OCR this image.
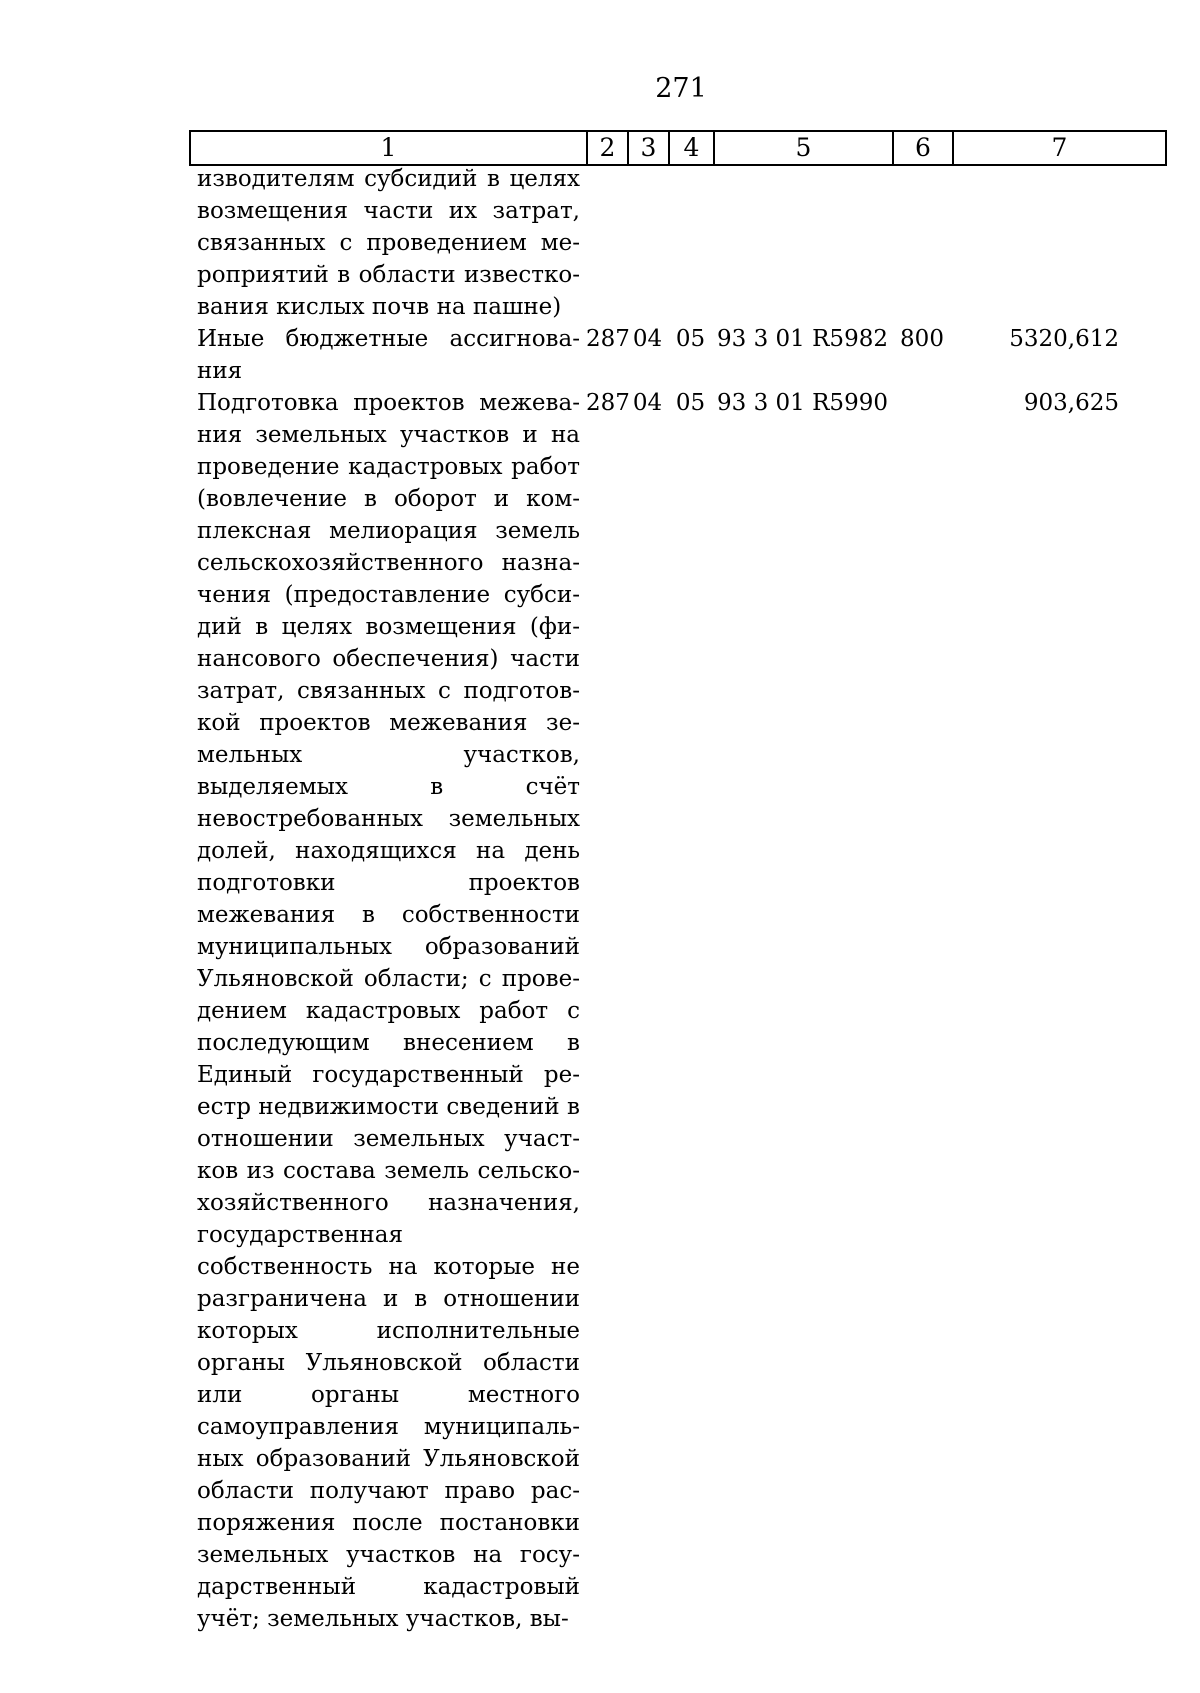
271
1	2	3	4	5	6	7
изводителям субсидий в целях возмещения части их затрат, связанных с проведением мероприятий в области известкования кислых почв на пашне)						
Иные бюджетные ассигнования	287	04	05	93 3 01 R5982	800	5320,612
Подготовка проектов межевания земельных участков и на проведение кадастровых работ (вовлечение в оборот и комплексная мелиорация земель сельскохозяйственного назначения (предоставление субсидий в целях возмещения (финансового обеспечения) части затрат, связанных с подготовкой проектов межевания земельных участков, выделяемых в счёт невостребованных земельных долей, находящихся на день подготовки проектов межевания в собственности муниципальных образований Ульяновской области; с проведением кадастровых работ с последующим внесением в Единый государственный реестр недвижимости сведений в отношении земельных участков из состава земель сельскохозяйственного назначения, государственная собственность на которые не разграничена и в отношении которых исполнительные органы Ульяновской области или органы местного самоуправления муниципальных образований Ульяновской области получают право распоряжения после постановки земельных участков на государственный кадастровый учёт; земельных участков, вы-	287	04	05	93 3 01 R5990		903,625
